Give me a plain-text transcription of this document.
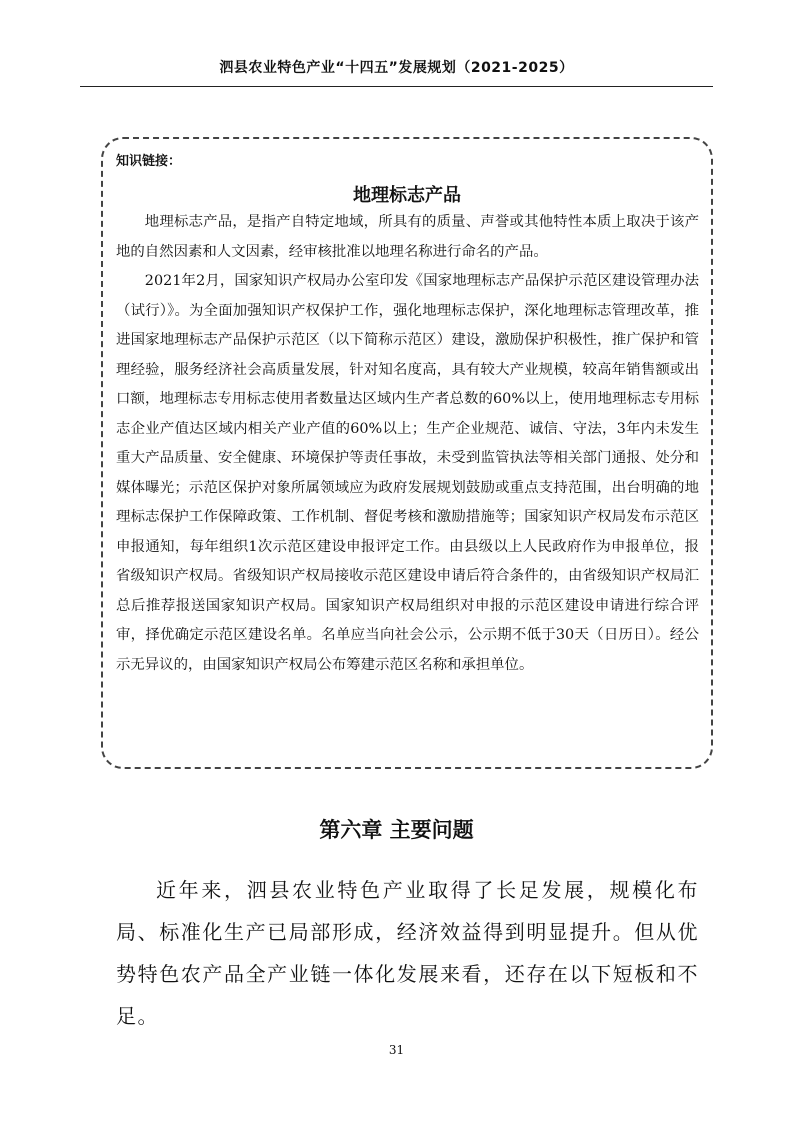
泗县农业特色产业“十四五”发展规划（2021-2025）
知识链接：
地理标志产品

地理标志产品，是指产自特定地域，所具有的质量、声誉或其他特性本质上取决于该产地的自然因素和人文因素，经审核批准以地理名称进行命名的产品。

2021年2月，国家知识产权局办公室印发《国家地理标志产品保护示范区建设管理办法（试行）》。为全面加强知识产权保护工作，强化地理标志保护，深化地理标志管理改革，推进国家地理标志产品保护示范区（以下简称示范区）建设，激励保护积极性，推广保护和管理经验，服务经济社会高质量发展，针对知名度高，具有较大产业规模，较高年销售额或出口额，地理标志专用标志使用者数量达区域内生产者总数的60%以上，使用地理标志专用标志企业产值达区域内相关产业产值的60%以上；生产企业规范、诚信、守法，3年内未发生重大产品质量、安全健康、环境保护等责任事故，未受到监管执法等相关部门通报、处分和媒体曝光；示范区保护对象所属领域应为政府发展规划鼓励或重点支持范围，出台明确的地理标志保护工作保障政策、工作机制、督促考核和激励措施等；国家知识产权局发布示范区申报通知，每年组织1次示范区建设申报评定工作。由县级以上人民政府作为申报单位，报省级知识产权局。省级知识产权局接收示范区建设申请后符合条件的，由省级知识产权局汇总后推荐报送国家知识产权局。国家知识产权局组织对申报的示范区建设申请进行综合评审，择优确定示范区建设名单。名单应当向社会公示，公示期不低于30天（日历日）。经公示无异议的，由国家知识产权局公布筹建示范区名称和承担单位。

第六章 主要问题

近年来，泗县农业特色产业取得了长足发展，规模化布局、标准化生产已局部形成，经济效益得到明显提升。但从优势特色农产品全产业链一体化发展来看，还存在以下短板和不足。

31
